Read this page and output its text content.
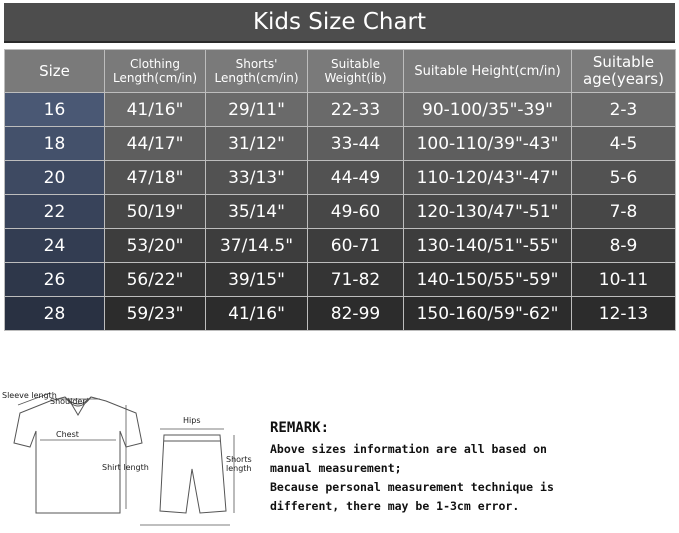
Kids Size Chart
Size	Clothing Length(cm/in)	Shorts' Length(cm/in)	Suitable Weight(ib)	Suitable Height(cm/in)	Suitable age(years)
16	41/16"	29/11"	22-33	90-100/35"-39"	2-3
18	44/17"	31/12"	33-44	100-110/39"-43"	4-5
20	47/18"	33/13"	44-49	110-120/43"-47"	5-6
22	50/19"	35/14"	49-60	120-130/47"-51"	7-8
24	53/20"	37/14.5"	60-71	130-140/51"-55"	8-9
26	56/22"	39/15"	71-82	140-150/55"-59"	10-11
28	59/23"	41/16"	82-99	150-160/59"-62"	12-13
Sleeve length
Shoulder
Chest
Shirt length
Hips
Shorts length
REMARK:
Above sizes information are all based on
manual measurement;
Because personal measurement technique is
different, there may be 1-3cm error.
